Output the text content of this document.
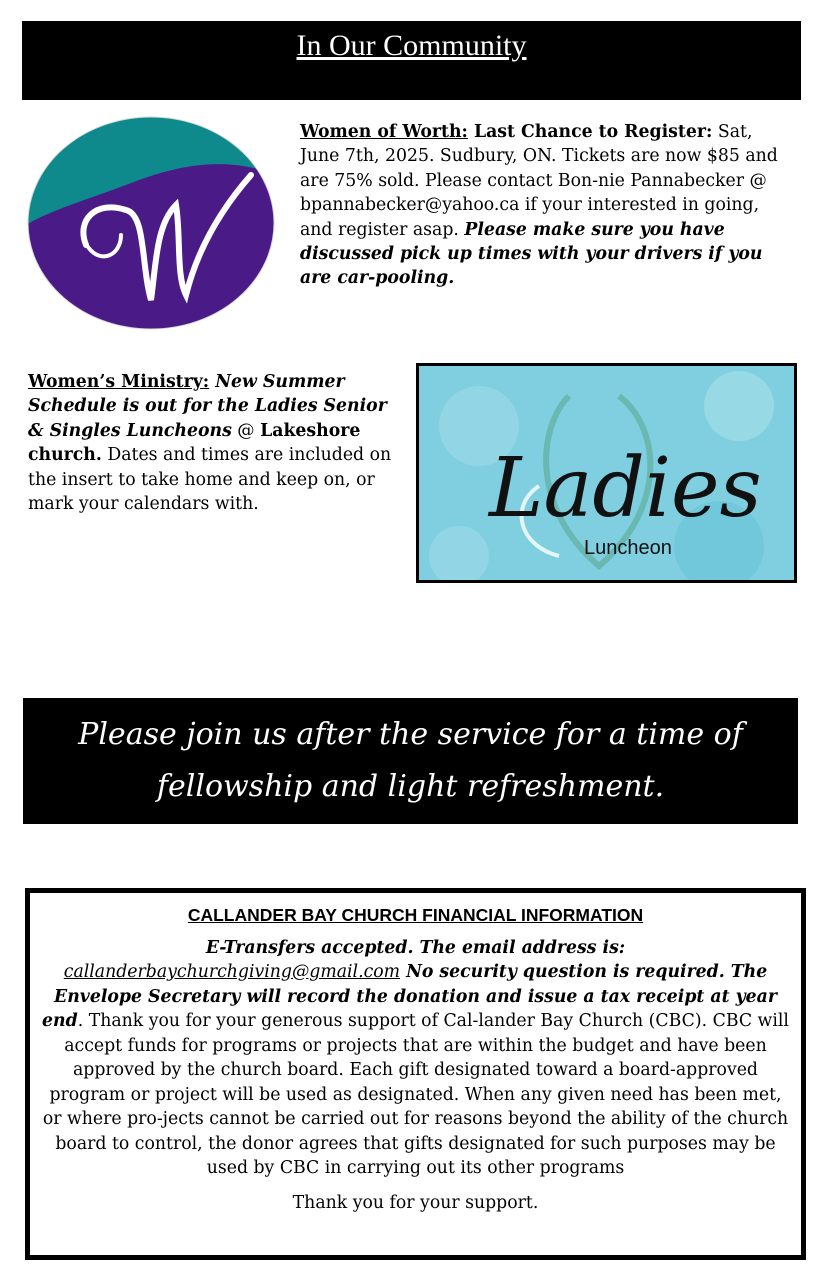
In Our Community
Women of Worth: Last Chance to Register: Sat, June 7th, 2025. Sudbury, ON. Tickets are now $85 and are 75% sold. Please contact Bon-nie Pannabecker @ bpannabecker@yahoo.ca if your interested in going, and register asap. Please make sure you have discussed pick up times with your drivers if you are car-pooling.
Women’s Ministry: New Summer Schedule is out for the Ladies Senior & Singles Luncheons @ Lakeshore church. Dates and times are included on the insert to take home and keep on, or mark your calendars with.	Ladies
Luncheon
Please join us after the service for a time of fellowship and light refreshment.
CALLANDER BAY CHURCH FINANCIAL INFORMATION
E-Transfers accepted. The email address is: callanderbaychurchgiving@gmail.com No security question is required. The Envelope Secretary will record the donation and issue a tax receipt at year end. Thank you for your generous support of Cal-lander Bay Church (CBC). CBC will accept funds for programs or projects that are within the budget and have been approved by the church board. Each gift designated toward a board-approved program or project will be used as designated. When any given need has been met, or where pro-jects cannot be carried out for reasons beyond the ability of the church board to control, the donor agrees that gifts designated for such purposes may be used by CBC in carrying out its other programs
Thank you for your support.
